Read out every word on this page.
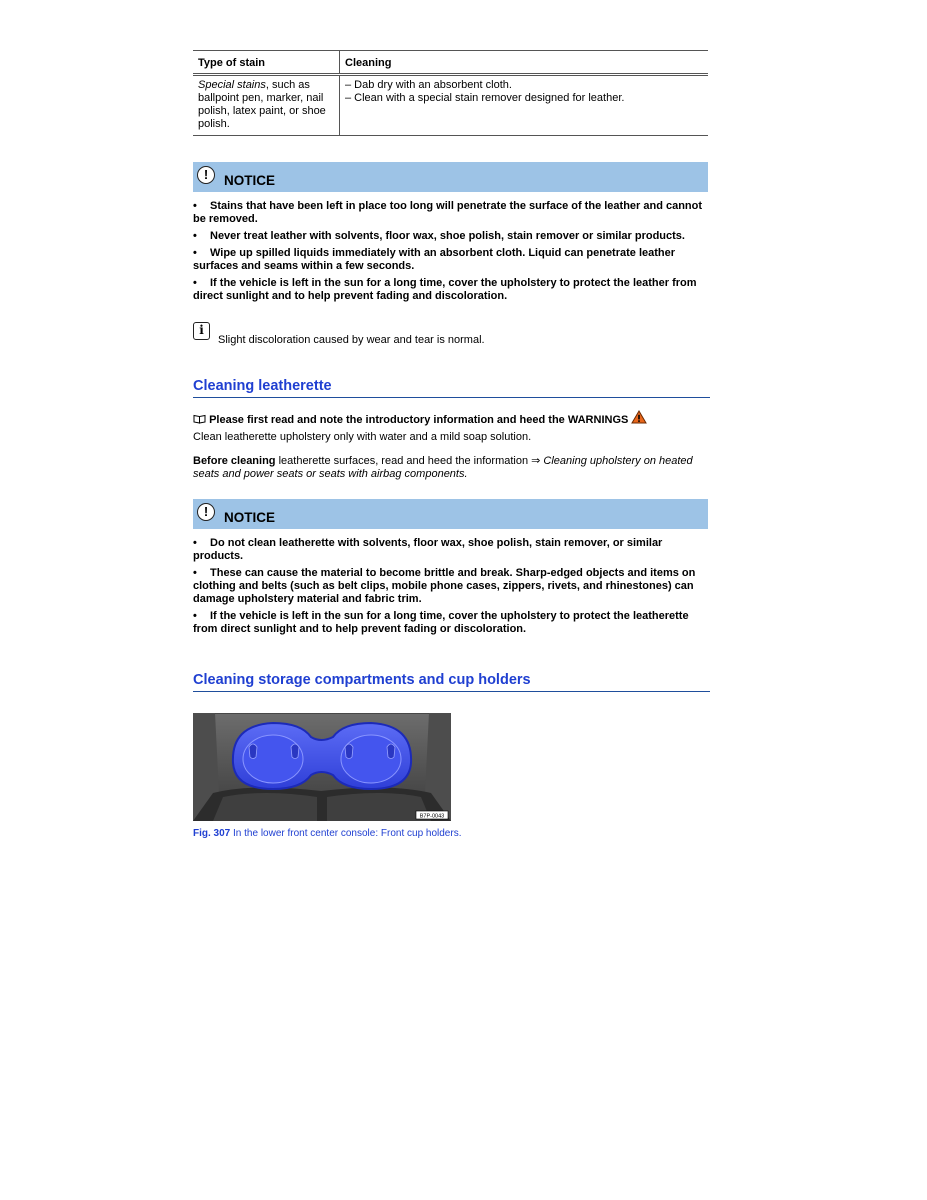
Type of stain	Cleaning
Special stains, such as ballpoint pen, marker, nail polish, latex paint, or shoe polish.	– Dab dry with an absorbent cloth.
– Clean with a special stain remover designed for leather.
!	NOTICE

• Stains that have been left in place too long will penetrate the surface of the leather and cannot be removed.

• Never treat leather with solvents, floor wax, shoe polish, stain remover or similar products.

• Wipe up spilled liquids immediately with an absorbent cloth. Liquid can penetrate leather surfaces and seams within a few seconds.

• If the vehicle is left in the sun for a long time, cover the upholstery to protect the leather from direct sunlight and to help prevent fading and discoloration.

i
Slight discoloration caused by wear and tear is normal.
Cleaning leatherette
Please first read and note the introductory information and heed the WARNINGS
Clean leatherette upholstery only with water and a mild soap solution.
Before cleaning leatherette surfaces, read and heed the information ⇒ Cleaning upholstery on heated seats and power seats or seats with airbag components.
!	NOTICE

• Do not clean leatherette with solvents, floor wax, shoe polish, stain remover, or similar products.

• These can cause the material to become brittle and break. Sharp-edged objects and items on clothing and belts (such as belt clips, mobile phone cases, zippers, rivets, and rhinestones) can damage upholstery material and fabric trim.

• If the vehicle is left in the sun for a long time, cover the upholstery to protect the leatherette from direct sunlight and to help prevent fading or discoloration.

Cleaning storage compartments and cup holders
B7P-0043
Fig. 307 In the lower front center console: Front cup holders.
